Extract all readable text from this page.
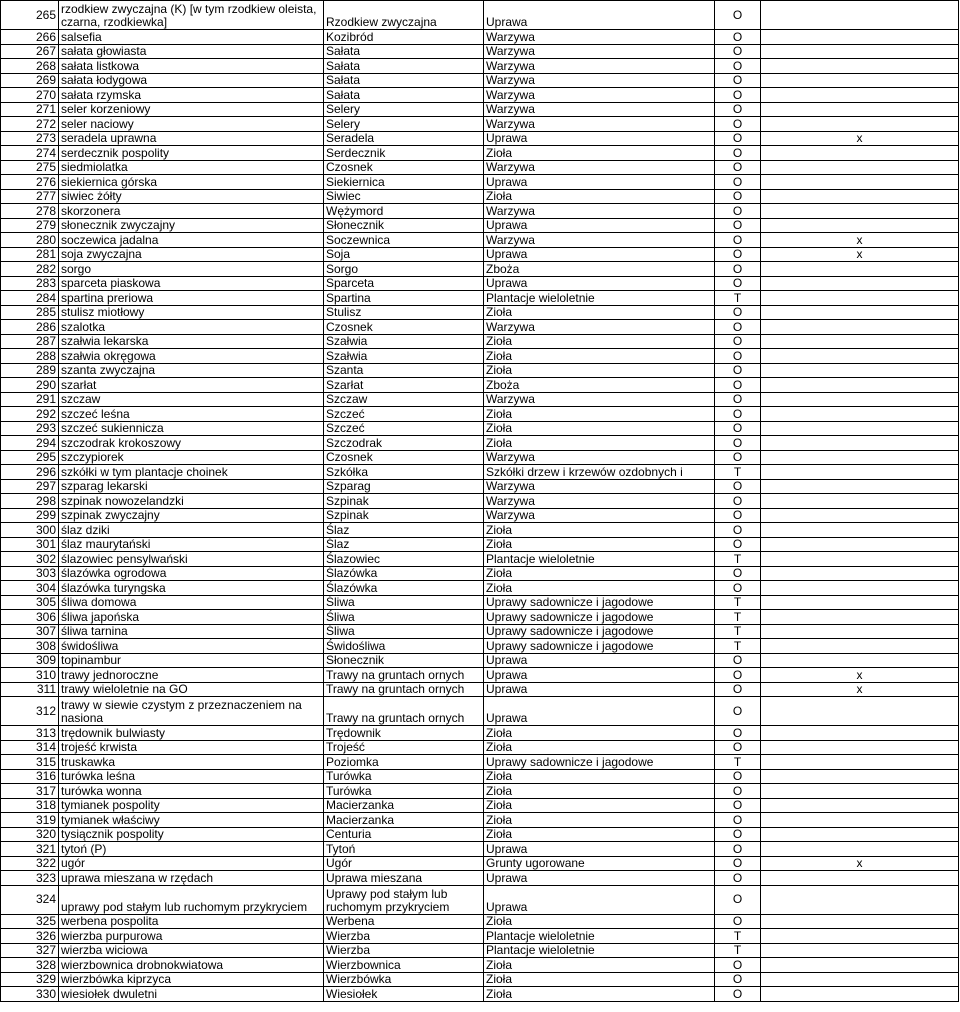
265	rzodkiew zwyczajna (K) [w tym rzodkiew oleista, czarna, rzodkiewka]	Rzodkiew zwyczajna	Uprawa	O	
266	salsefia	Kozibród	Warzywa	O	
267	sałata głowiasta	Sałata	Warzywa	O	
268	sałata listkowa	Sałata	Warzywa	O	
269	sałata łodygowa	Sałata	Warzywa	O	
270	sałata rzymska	Sałata	Warzywa	O	
271	seler korzeniowy	Selery	Warzywa	O	
272	seler naciowy	Selery	Warzywa	O	
273	seradela uprawna	Seradela	Uprawa	O	x
274	serdecznik pospolity	Serdecznik	Zioła	O	
275	siedmiolatka	Czosnek	Warzywa	O	
276	siekiernica górska	Siekiernica	Uprawa	O	
277	siwiec żółty	Siwiec	Zioła	O	
278	skorzonera	Wężymord	Warzywa	O	
279	słonecznik zwyczajny	Słonecznik	Uprawa	O	
280	soczewica jadalna	Soczewnica	Warzywa	O	x
281	soja zwyczajna	Soja	Uprawa	O	x
282	sorgo	Sorgo	Zboża	O	
283	sparceta piaskowa	Sparceta	Uprawa	O	
284	spartina preriowa	Spartina	Plantacje wieloletnie	T	
285	stulisz miotłowy	Stulisz	Zioła	O	
286	szalotka	Czosnek	Warzywa	O	
287	szałwia lekarska	Szałwia	Zioła	O	
288	szałwia okręgowa	Szałwia	Zioła	O	
289	szanta zwyczajna	Szanta	Zioła	O	
290	szarłat	Szarłat	Zboża	O	
291	szczaw	Szczaw	Warzywa	O	
292	szczeć leśna	Szczeć	Zioła	O	
293	szczeć sukiennicza	Szczeć	Zioła	O	
294	szczodrak krokoszowy	Szczodrak	Zioła	O	
295	szczypiorek	Czosnek	Warzywa	O	
296	szkółki w tym plantacje choinek	Szkółka	Szkółki drzew i krzewów ozdobnych i	T	
297	szparag lekarski	Szparag	Warzywa	O	
298	szpinak nowozelandzki	Szpinak	Warzywa	O	
299	szpinak zwyczajny	Szpinak	Warzywa	O	
300	ślaz dziki	Ślaz	Zioła	O	
301	ślaz maurytański	Ślaz	Zioła	O	
302	ślazowiec pensylwański	Ślazowiec	Plantacje wieloletnie	T	
303	ślazówka ogrodowa	Ślazówka	Zioła	O	
304	ślazówka turyngska	Ślazówka	Zioła	O	
305	śliwa domowa	Śliwa	Uprawy sadownicze i jagodowe	T	
306	śliwa japońska	Śliwa	Uprawy sadownicze i jagodowe	T	
307	śliwa tarnina	Śliwa	Uprawy sadownicze i jagodowe	T	
308	świdośliwa	Świdośliwa	Uprawy sadownicze i jagodowe	T	
309	topinambur	Słonecznik	Uprawa	O	
310	trawy jednoroczne	Trawy na gruntach ornych	Uprawa	O	x
311	trawy wieloletnie na GO	Trawy na gruntach ornych	Uprawa	O	x
312	trawy w siewie czystym z przeznaczeniem na nasiona	Trawy na gruntach ornych	Uprawa	O	
313	trędownik bulwiasty	Trędownik	Zioła	O	
314	trojeść krwista	Trojeść	Zioła	O	
315	truskawka	Poziomka	Uprawy sadownicze i jagodowe	T	
316	turówka leśna	Turówka	Zioła	O	
317	turówka wonna	Turówka	Zioła	O	
318	tymianek pospolity	Macierzanka	Zioła	O	
319	tymianek właściwy	Macierzanka	Zioła	O	
320	tysiącznik pospolity	Centuria	Zioła	O	
321	tytoń (P)	Tytoń	Uprawa	O	
322	ugór	Ugór	Grunty ugorowane	O	x
323	uprawa mieszana w rzędach	Uprawa mieszana	Uprawa	O	
324	uprawy pod stałym lub ruchomym przykryciem	Uprawy pod stałym lub ruchomym przykryciem	Uprawa	O	
325	werbena pospolita	Werbena	Zioła	O	
326	wierzba purpurowa	Wierzba	Plantacje wieloletnie	T	
327	wierzba wiciowa	Wierzba	Plantacje wieloletnie	T	
328	wierzbownica drobnokwiatowa	Wierzbownica	Zioła	O	
329	wierzbówka kiprzyca	Wierzbówka	Zioła	O	
330	wiesiołek dwuletni	Wiesiołek	Zioła	O	
